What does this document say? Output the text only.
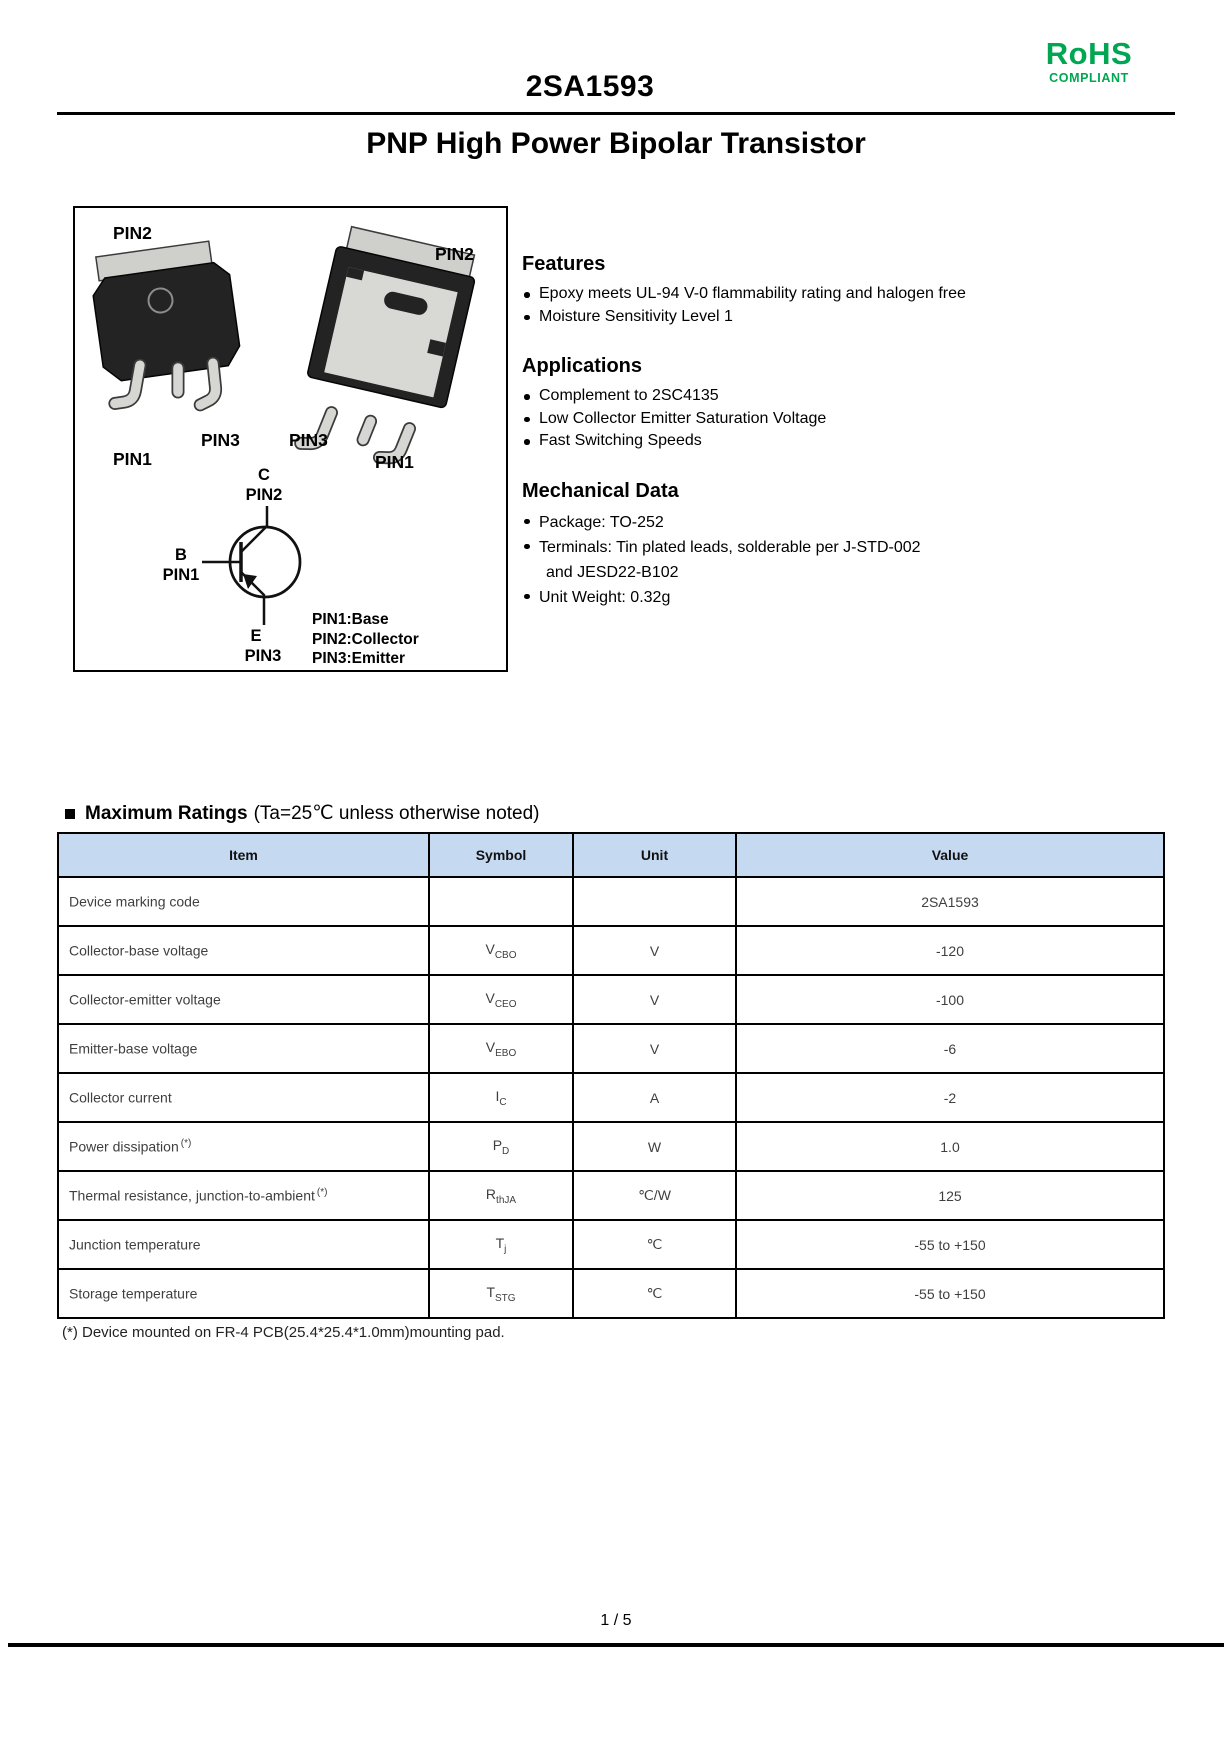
2SA1593
RoHS
COMPLIANT
PNP High Power Bipolar Transistor
PIN2
PIN2
PIN3	PIN3
PIN1	PIN1
C
PIN2
B
PIN1
E
PIN3
PIN1:Base
PIN2:Collector
PIN3:Emitter
Features
Epoxy meets UL-94 V-0 flammability rating and halogen free
Moisture Sensitivity Level 1
Applications
Complement to 2SC4135
Low Collector Emitter Saturation Voltage
Fast Switching Speeds
Mechanical Data
Package: TO-252
Terminals: Tin plated leads, solderable per J-STD-002
and JESD22-B102
Unit Weight: 0.32g
Maximum Ratings (Ta=25℃ unless otherwise noted)
Item	Symbol	Unit	Value
Device marking code			2SA1593
Collector-base voltage	$V_{CBO}$	V	-120
Collector-emitter voltage	$V_{CEO}$	V	-100
Emitter-base voltage	$V_{EBO}$	V	-6
Collector current	$I_C$	A	-2
Power dissipation (*)	$P_D$	W	1.0
Thermal resistance, junction-to-ambient (*)	$R_{thJA}$	℃/W	125
Junction temperature	$T_j$	℃	-55 to +150
Storage temperature	$T_{STG}$	℃	-55 to +150
(*) Device mounted on FR-4 PCB(25.4*25.4*1.0mm)mounting pad.
1 / 5
